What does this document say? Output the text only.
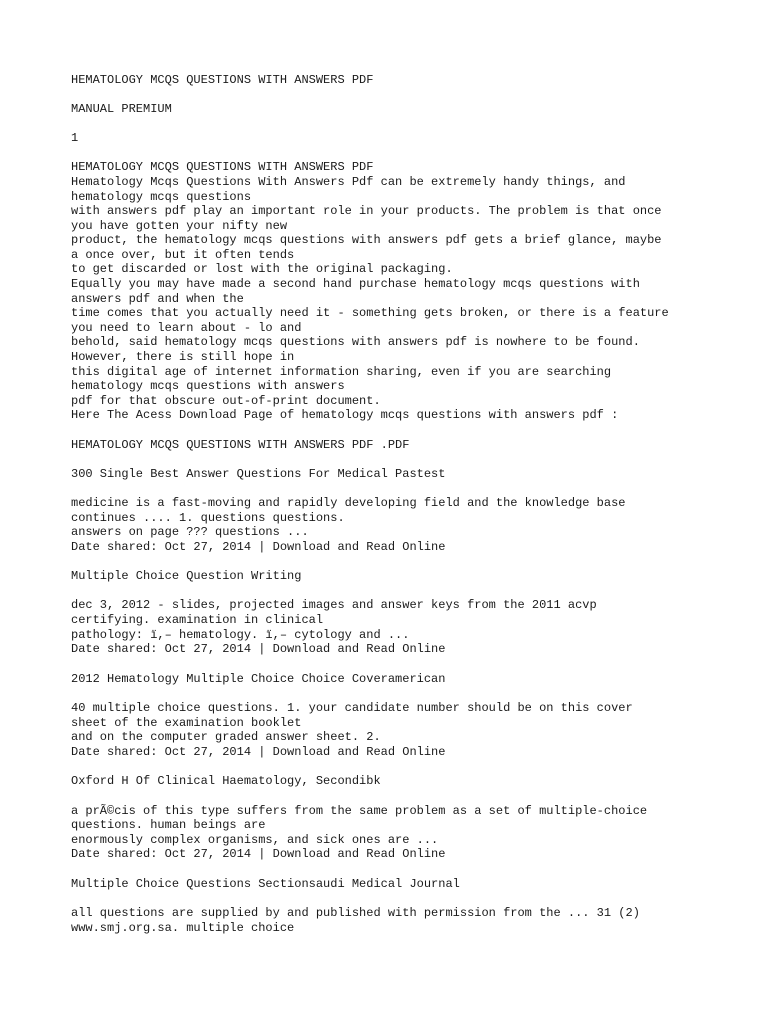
HEMATOLOGY MCQS QUESTIONS WITH ANSWERS PDF
MANUAL PREMIUM
1
HEMATOLOGY MCQS QUESTIONS WITH ANSWERS PDF
Hematology Mcqs Questions With Answers Pdf can be extremely handy things, and
hematology mcqs questions
with answers pdf play an important role in your products. The problem is that once
you have gotten your nifty new
product, the hematology mcqs questions with answers pdf gets a brief glance, maybe
a once over, but it often tends
to get discarded or lost with the original packaging.
Equally you may have made a second hand purchase hematology mcqs questions with
answers pdf and when the
time comes that you actually need it - something gets broken, or there is a feature
you need to learn about - lo and
behold, said hematology mcqs questions with answers pdf is nowhere to be found.
However, there is still hope in
this digital age of internet information sharing, even if you are searching
hematology mcqs questions with answers
pdf for that obscure out-of-print document.
Here The Acess Download Page of hematology mcqs questions with answers pdf :
HEMATOLOGY MCQS QUESTIONS WITH ANSWERS PDF .PDF
300 Single Best Answer Questions For Medical Pastest
medicine is a fast-moving and rapidly developing field and the knowledge base
continues .... 1. questions questions.
answers on page ??? questions ...
Date shared: Oct 27, 2014 | Download and Read Online
Multiple Choice Question Writing
dec 3, 2012 - slides, projected images and answer keys from the 2011 acvp
certifying. examination in clinical
pathology: ï,– hematology. ï,– cytology and ...
Date shared: Oct 27, 2014 | Download and Read Online
2012 Hematology Multiple Choice Choice Coveramerican
40 multiple choice questions. 1. your candidate number should be on this cover
sheet of the examination booklet
and on the computer graded answer sheet. 2.
Date shared: Oct 27, 2014 | Download and Read Online
Oxford H Of Clinical Haematology, Secondibk
a prÃ©cis of this type suffers from the same problem as a set of multiple-choice
questions. human beings are
enormously complex organisms, and sick ones are ...
Date shared: Oct 27, 2014 | Download and Read Online
Multiple Choice Questions Sectionsaudi Medical Journal
all questions are supplied by and published with permission from the ... 31 (2)
www.smj.org.sa. multiple choice
